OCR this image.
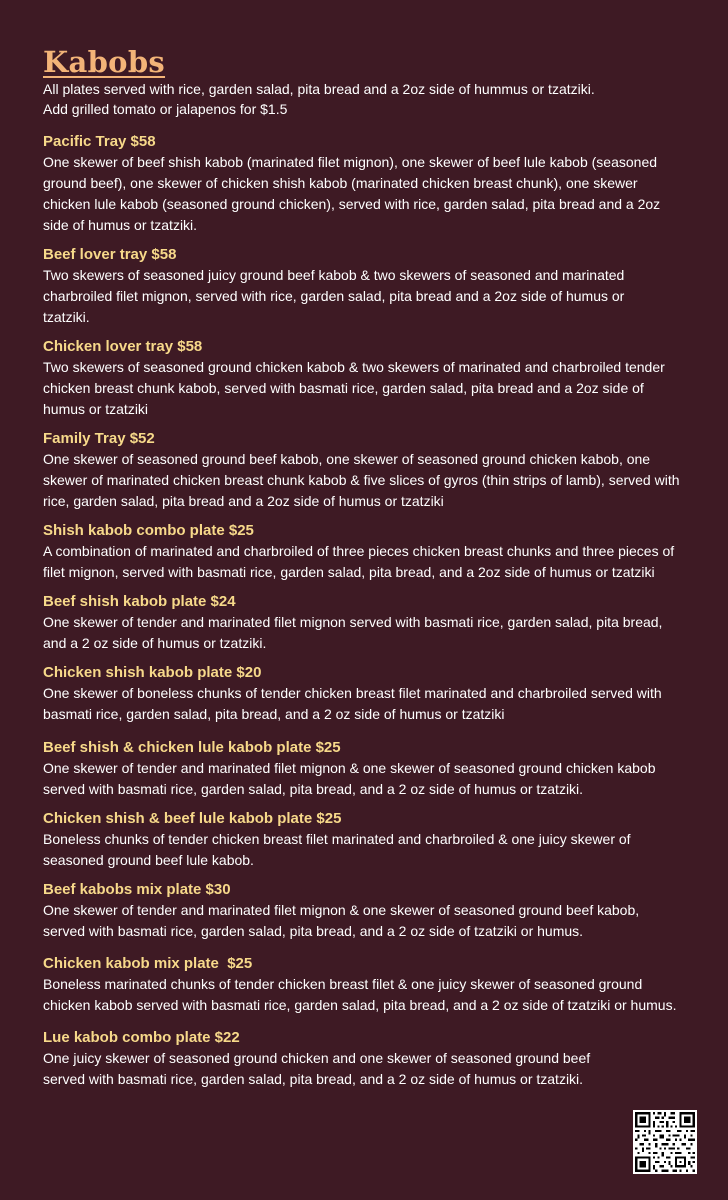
Kabobs
All plates served with rice, garden salad, pita bread and a 2oz side of hummus or tzatziki.
Add grilled tomato or jalapenos for $1.5
Pacific Tray $58
One skewer of beef shish kabob (marinated filet mignon), one skewer of beef lule kabob (seasoned ground beef), one skewer of chicken shish kabob (marinated chicken breast chunk), one skewer chicken lule kabob (seasoned ground chicken), served with rice, garden salad, pita bread and a 2oz side of humus or tzatziki.
Beef lover tray $58
Two skewers of seasoned juicy ground beef kabob & two skewers of seasoned and marinated charbroiled filet mignon, served with rice, garden salad, pita bread and a 2oz side of humus or tzatziki.
Chicken lover tray $58
Two skewers of seasoned ground chicken kabob & two skewers of marinated and charbroiled tender chicken breast chunk kabob, served with basmati rice, garden salad, pita bread and a 2oz side of humus or tzatziki
Family Tray $52
One skewer of seasoned ground beef kabob, one skewer of seasoned ground chicken kabob, one skewer of marinated chicken breast chunk kabob & five slices of gyros (thin strips of lamb), served with rice, garden salad, pita bread and a 2oz side of humus or tzatziki
Shish kabob combo plate $25
A combination of marinated and charbroiled of three pieces chicken breast chunks and three pieces of filet mignon, served with basmati rice, garden salad, pita bread, and a 2oz side of humus or tzatziki
Beef shish kabob plate $24
One skewer of tender and marinated filet mignon served with basmati rice, garden salad, pita bread, and a 2 oz side of humus or tzatziki.
Chicken shish kabob plate $20
One skewer of boneless chunks of tender chicken breast filet marinated and charbroiled served with basmati rice, garden salad, pita bread, and a 2 oz side of humus or tzatziki
Beef shish & chicken lule kabob plate $25
One skewer of tender and marinated filet mignon & one skewer of seasoned ground chicken kabob served with basmati rice, garden salad, pita bread, and a 2 oz side of humus or tzatziki.
Chicken shish & beef lule kabob plate $25
Boneless chunks of tender chicken breast filet marinated and charbroiled & one juicy skewer of seasoned ground beef lule kabob.
Beef kabobs mix plate $30
One skewer of tender and marinated filet mignon & one skewer of seasoned ground beef kabob, served with basmati rice, garden salad, pita bread, and a 2 oz side of tzatziki or humus.
Chicken kabob mix plate  $25
Boneless marinated chunks of tender chicken breast filet & one juicy skewer of seasoned ground chicken kabob served with basmati rice, garden salad, pita bread, and a 2 oz side of tzatziki or humus.
Lue kabob combo plate $22
One juicy skewer of seasoned ground chicken and one skewer of seasoned ground beef served with basmati rice, garden salad, pita bread, and a 2 oz side of humus or tzatziki.
